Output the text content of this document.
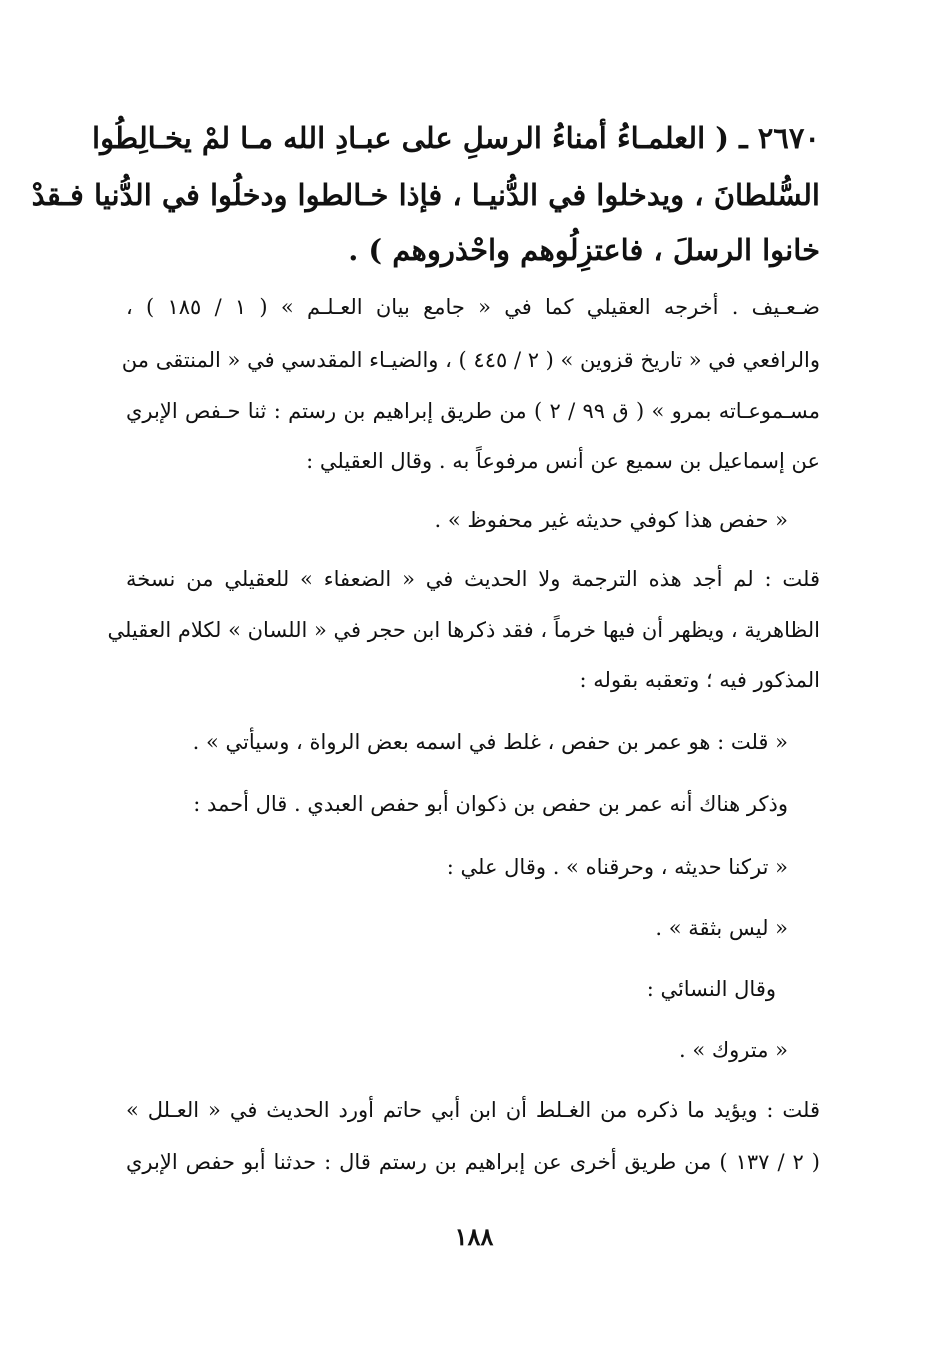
٢٦٧٠ ـ ( العلمـاءُ أمناءُ الرسلِ على عبـادِ الله مـا لمْ يخـالِطُوا
السُّلطانَ ، ويدخلوا في الدُّنيـا ، فإذا خـالطوا ودخلُوا في الدُّنيا فـقدْ
خانوا الرسلَ ، فاعتزِلُوهم واحْذروهم ) .
ضـعـيف . أخرجه العقيلي كما في « جامع بيان العـلـم » ( ١ / ١٨٥ ) ،
والرافعي في « تاريخ قزوين » ( ٢ / ٤٤٥ ) ، والضيـاء المقدسي في « المنتقى من
مسـموعـاته بمرو » ( ق ٩٩ / ٢ ) من طريق إبراهيم بن رستم : ثنا حـفص الإبري
عن إسماعيل بن سميع عن أنس مرفوعاً به . وقال العقيلي :
« حفص هذا كوفي حديثه غير محفوظ » .
قلت : لم أجد هذه الترجمة ولا الحديث في « الضعفاء » للعقيلي من نسخة
الظاهرية ، ويظهر أن فيها خرماً ، فقد ذكرها ابن حجر في « اللسان » لكلام العقيلي
المذكور فيه ؛ وتعقبه بقوله :
« قلت : هو عمر بن حفص ، غلط في اسمه بعض الرواة ، وسيأتي » .
وذكر هناك أنه عمر بن حفص بن ذكوان أبو حفص العبدي . قال أحمد :
« تركنا حديثه ، وحرقناه » . وقال علي :
« ليس بثقة » .
وقال النسائي :
« متروك » .
قلت : ويؤيد ما ذكره من الغـلط أن ابن أبي حاتم أورد الحديث في « العـلل »
( ٢ / ١٣٧ ) من طريق أخرى عن إبراهيم بن رستم قال : حدثنا أبو حفص الإبري
١٨٨
